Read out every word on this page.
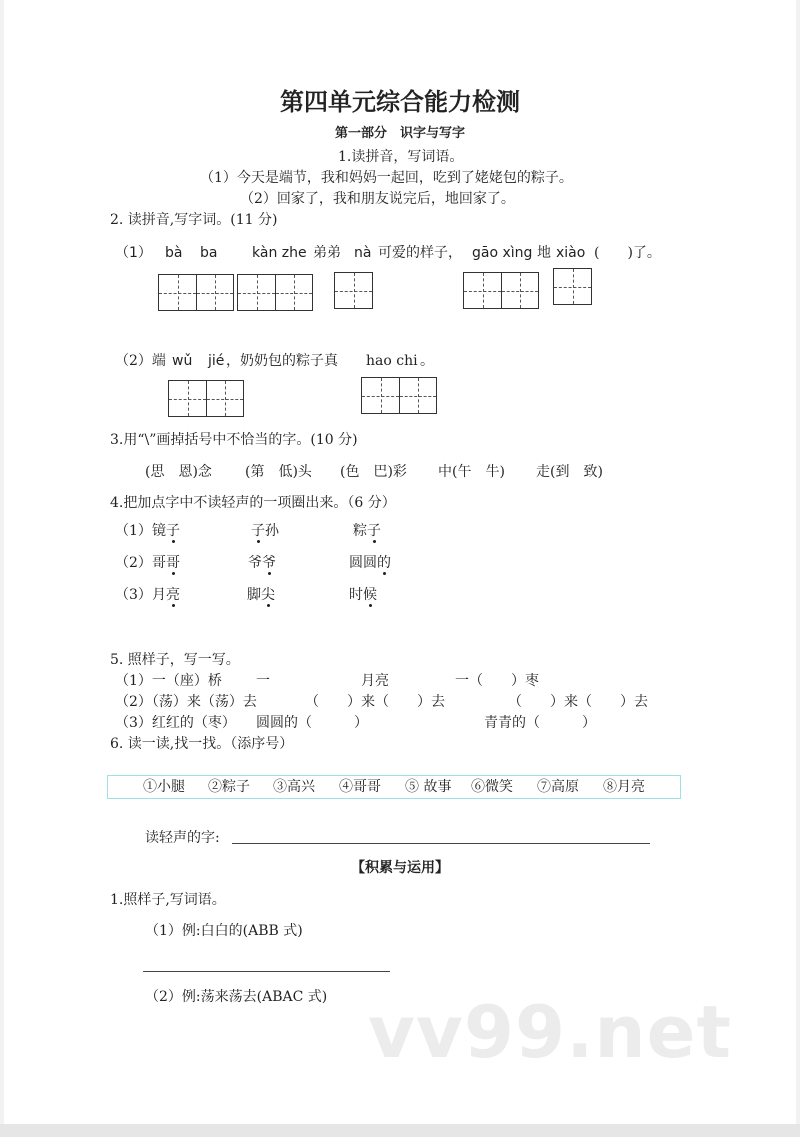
第四单元综合能力检测
第一部分　识字与写字
1.读拼音，写词语。
（1）今天是端节，我和妈妈一起回，吃到了姥姥包的粽子。
（2）回家了，我和朋友说完后，地回家了。
2. 读拼音,写字词。(11 分)
（1） bà ba kàn zhe 弟弟 nà 可爱的样子， gāo xìng 地 xiào (　　)了。
（2）端 wǔ jié ，奶奶包的粽子真 hao chi 。
3.用“\”画掉括号中不恰当的字。(10 分)
(思　恩)念 (第　低)头 (色　巴)彩 中(午　牛) 走(到　致)
4.把加点字中不读轻声的一项圈出来。（6 分）
（1） 镜子	子孙	粽子
（2） 哥哥	爷爷	圆圆的
（3） 月亮	脚尖	时候
5. 照样子，写一写。
（1）一（座）桥 一	月亮	一（　　）枣
（2）（荡）来（荡）去	（　　）来（　　）去	（　　）来（　　）去
（3）红红的（枣） 圆圆的（　　　）	青青的（　　　）
6. 读一读,找一找。（添序号）
①小腿 ②粽子 ③高兴 ④哥哥 ⑤ 故事 ⑥微笑 ⑦高原 ⑧月亮
读轻声的字:
【积累与运用】
1.照样子,写词语。
（1）例:白白的(ABB 式)
（2）例:荡来荡去(ABAC 式) vv99.net
